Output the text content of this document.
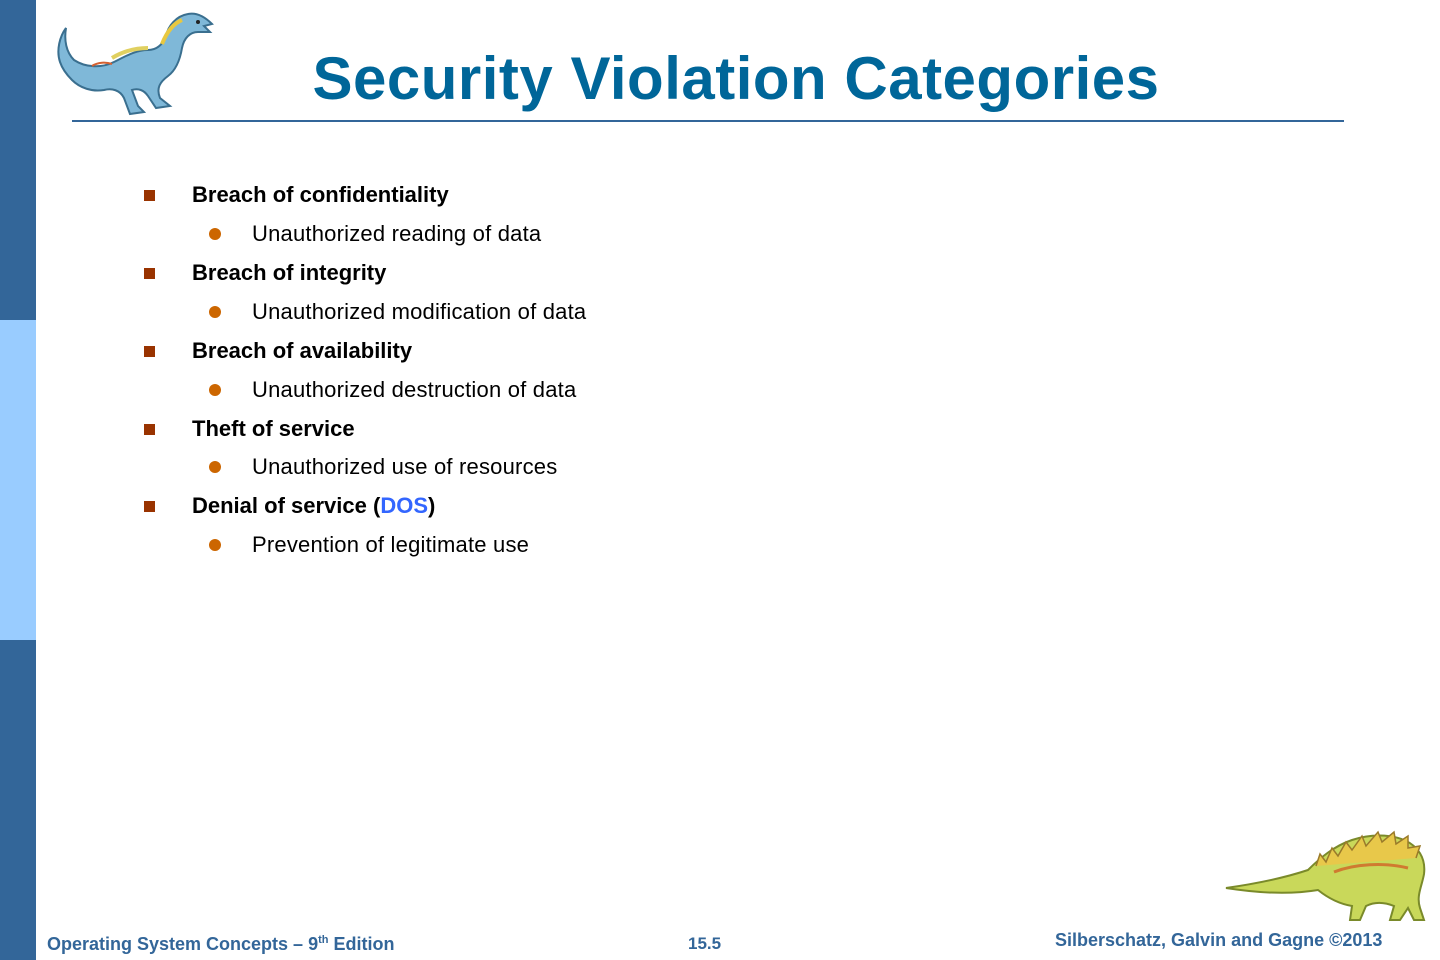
Security Violation Categories
Breach of confidentiality
Unauthorized reading of data
Breach of integrity
Unauthorized modification of data
Breach of availability
Unauthorized destruction of data
Theft of service
Unauthorized use of resources
Denial of service (DOS)
Prevention of legitimate use
Operating System Concepts – 9th Edition	15.5	Silberschatz, Galvin and Gagne ©2013
